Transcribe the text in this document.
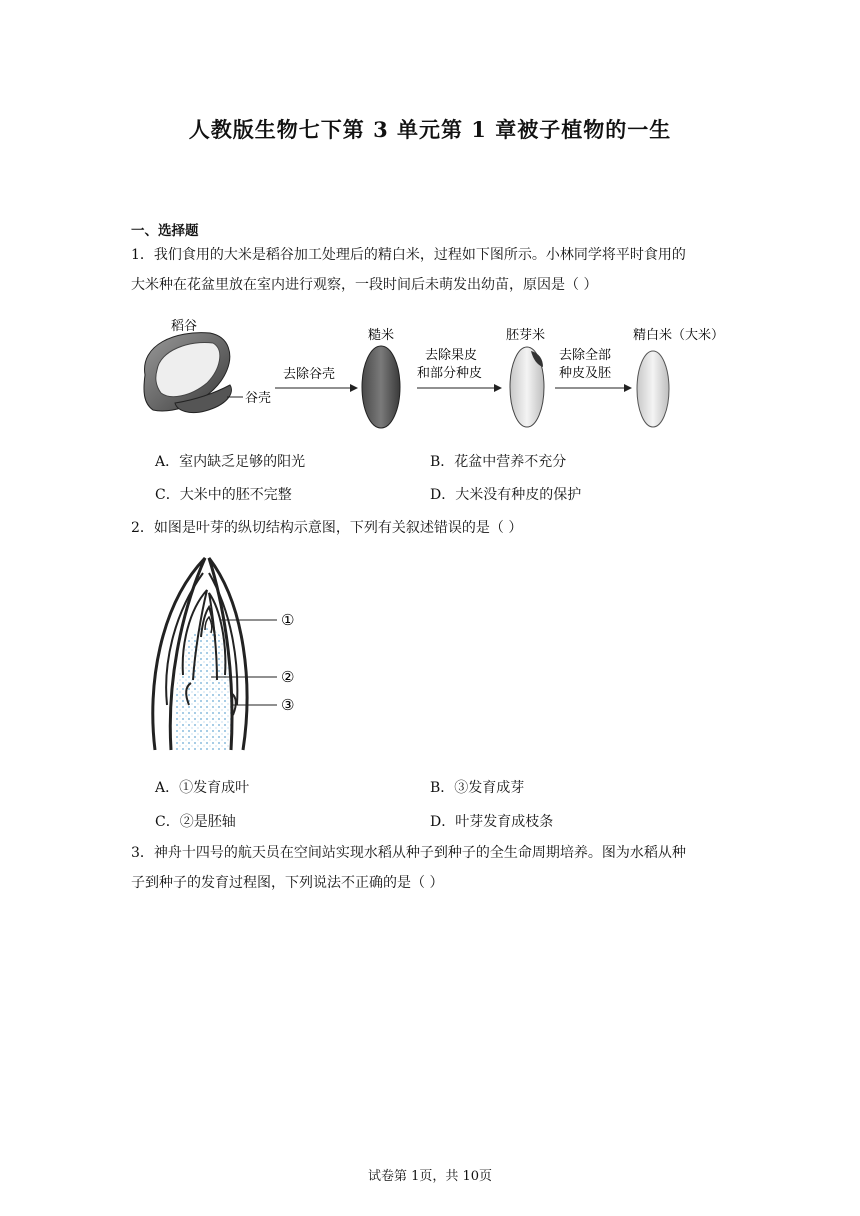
人教版生物七下第 3 单元第 1 章被子植物的一生
一、选择题
1．我们食用的大米是稻谷加工处理后的精白米，过程如下图所示。小林同学将平时食用的
大米种在花盆里放在室内进行观察，一段时间后未萌发出幼苗，原因是（ ）
稻谷
谷壳
去除谷壳
糙米
去除果皮
和部分种皮
胚芽米
去除全部
种皮及胚
精白米（大米）
A．室内缺乏足够的阳光	B．花盆中营养不充分
C．大米中的胚不完整	D．大米没有种皮的保护
2．如图是叶芽的纵切结构示意图，下列有关叙述错误的是（ ）
①
②
③
A．①发育成叶	B．③发育成芽
C．②是胚轴	D．叶芽发育成枝条
3．神舟十四号的航天员在空间站实现水稻从种子到种子的全生命周期培养。图为水稻从种
子到种子的发育过程图，下列说法不正确的是（ ）
试卷第 1页，共 10页
